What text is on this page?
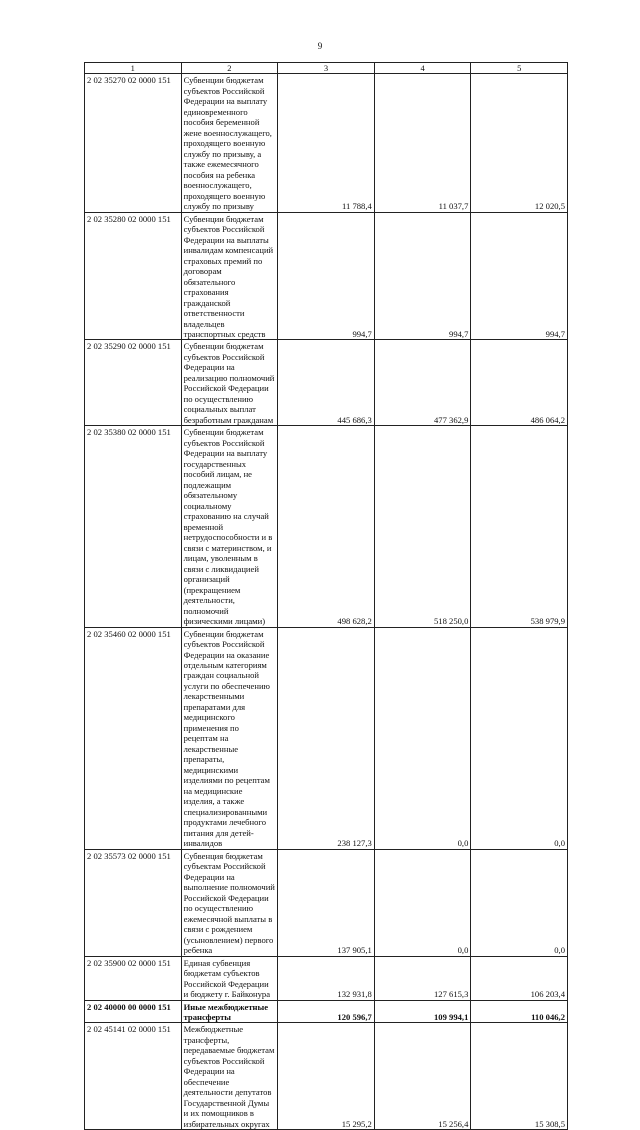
9
1	2	3	4	5
2 02 35270 02 0000 151	Субвенции бюджетам субъектов Российской Федерации на выплату единовременного пособия беременной жене военнослужащего, проходящего военную службу по призыву, а также ежемесячного пособия на ребенка военнослужащего, проходящего военную службу по призыву	11 788,4	11 037,7	12 020,5
2 02 35280 02 0000 151	Субвенции бюджетам субъектов Российской Федерации на выплаты инвалидам компенсаций страховых премий по договорам обязательного страхования гражданской ответственности владельцев транспортных средств	994,7	994,7	994,7
2 02 35290 02 0000 151	Субвенции бюджетам субъектов Российской Федерации на реализацию полномочий Российской Федерации по осуществлению социальных выплат безработным гражданам	445 686,3	477 362,9	486 064,2
2 02 35380 02 0000 151	Субвенции бюджетам субъектов Российской Федерации на выплату государственных пособий лицам, не подлежащим обязательному социальному страхованию на случай временной нетрудоспособности и в связи с материнством, и лицам, уволенным в связи с ликвидацией организаций (прекращением деятельности, полномочий физическими лицами)	498 628,2	518 250,0	538 979,9
2 02 35460 02 0000 151	Субвенции бюджетам субъектов Российской Федерации на оказание отдельным категориям граждан социальной услуги по обеспечению лекарственными препаратами для медицинского применения по рецептам на лекарственные препараты, медицинскими изделиями по рецептам на медицинские изделия, а также специализированными продуктами лечебного питания для детей-инвалидов	238 127,3	0,0	0,0
2 02 35573 02 0000 151	Субвенция бюджетам субъектам Российской Федерации на выполнение полномочий Российской Федерации по осуществлению ежемесячной выплаты в связи с рождением (усыновлением) первого ребенка	137 905,1	0,0	0,0
2 02 35900 02 0000 151	Единая субвенция бюджетам субъектов Российской Федерации и бюджету г. Байконура	132 931,8	127 615,3	106 203,4
2 02 40000 00 0000 151	Иные межбюджетные трансферты	120 596,7	109 994,1	110 046,2
2 02 45141 02 0000 151	Межбюджетные трансферты, передаваемые бюджетам субъектов Российской Федерации на обеспечение деятельности депутатов Государственной Думы и их помощников в избирательных округах	15 295,2	15 256,4	15 308,5
